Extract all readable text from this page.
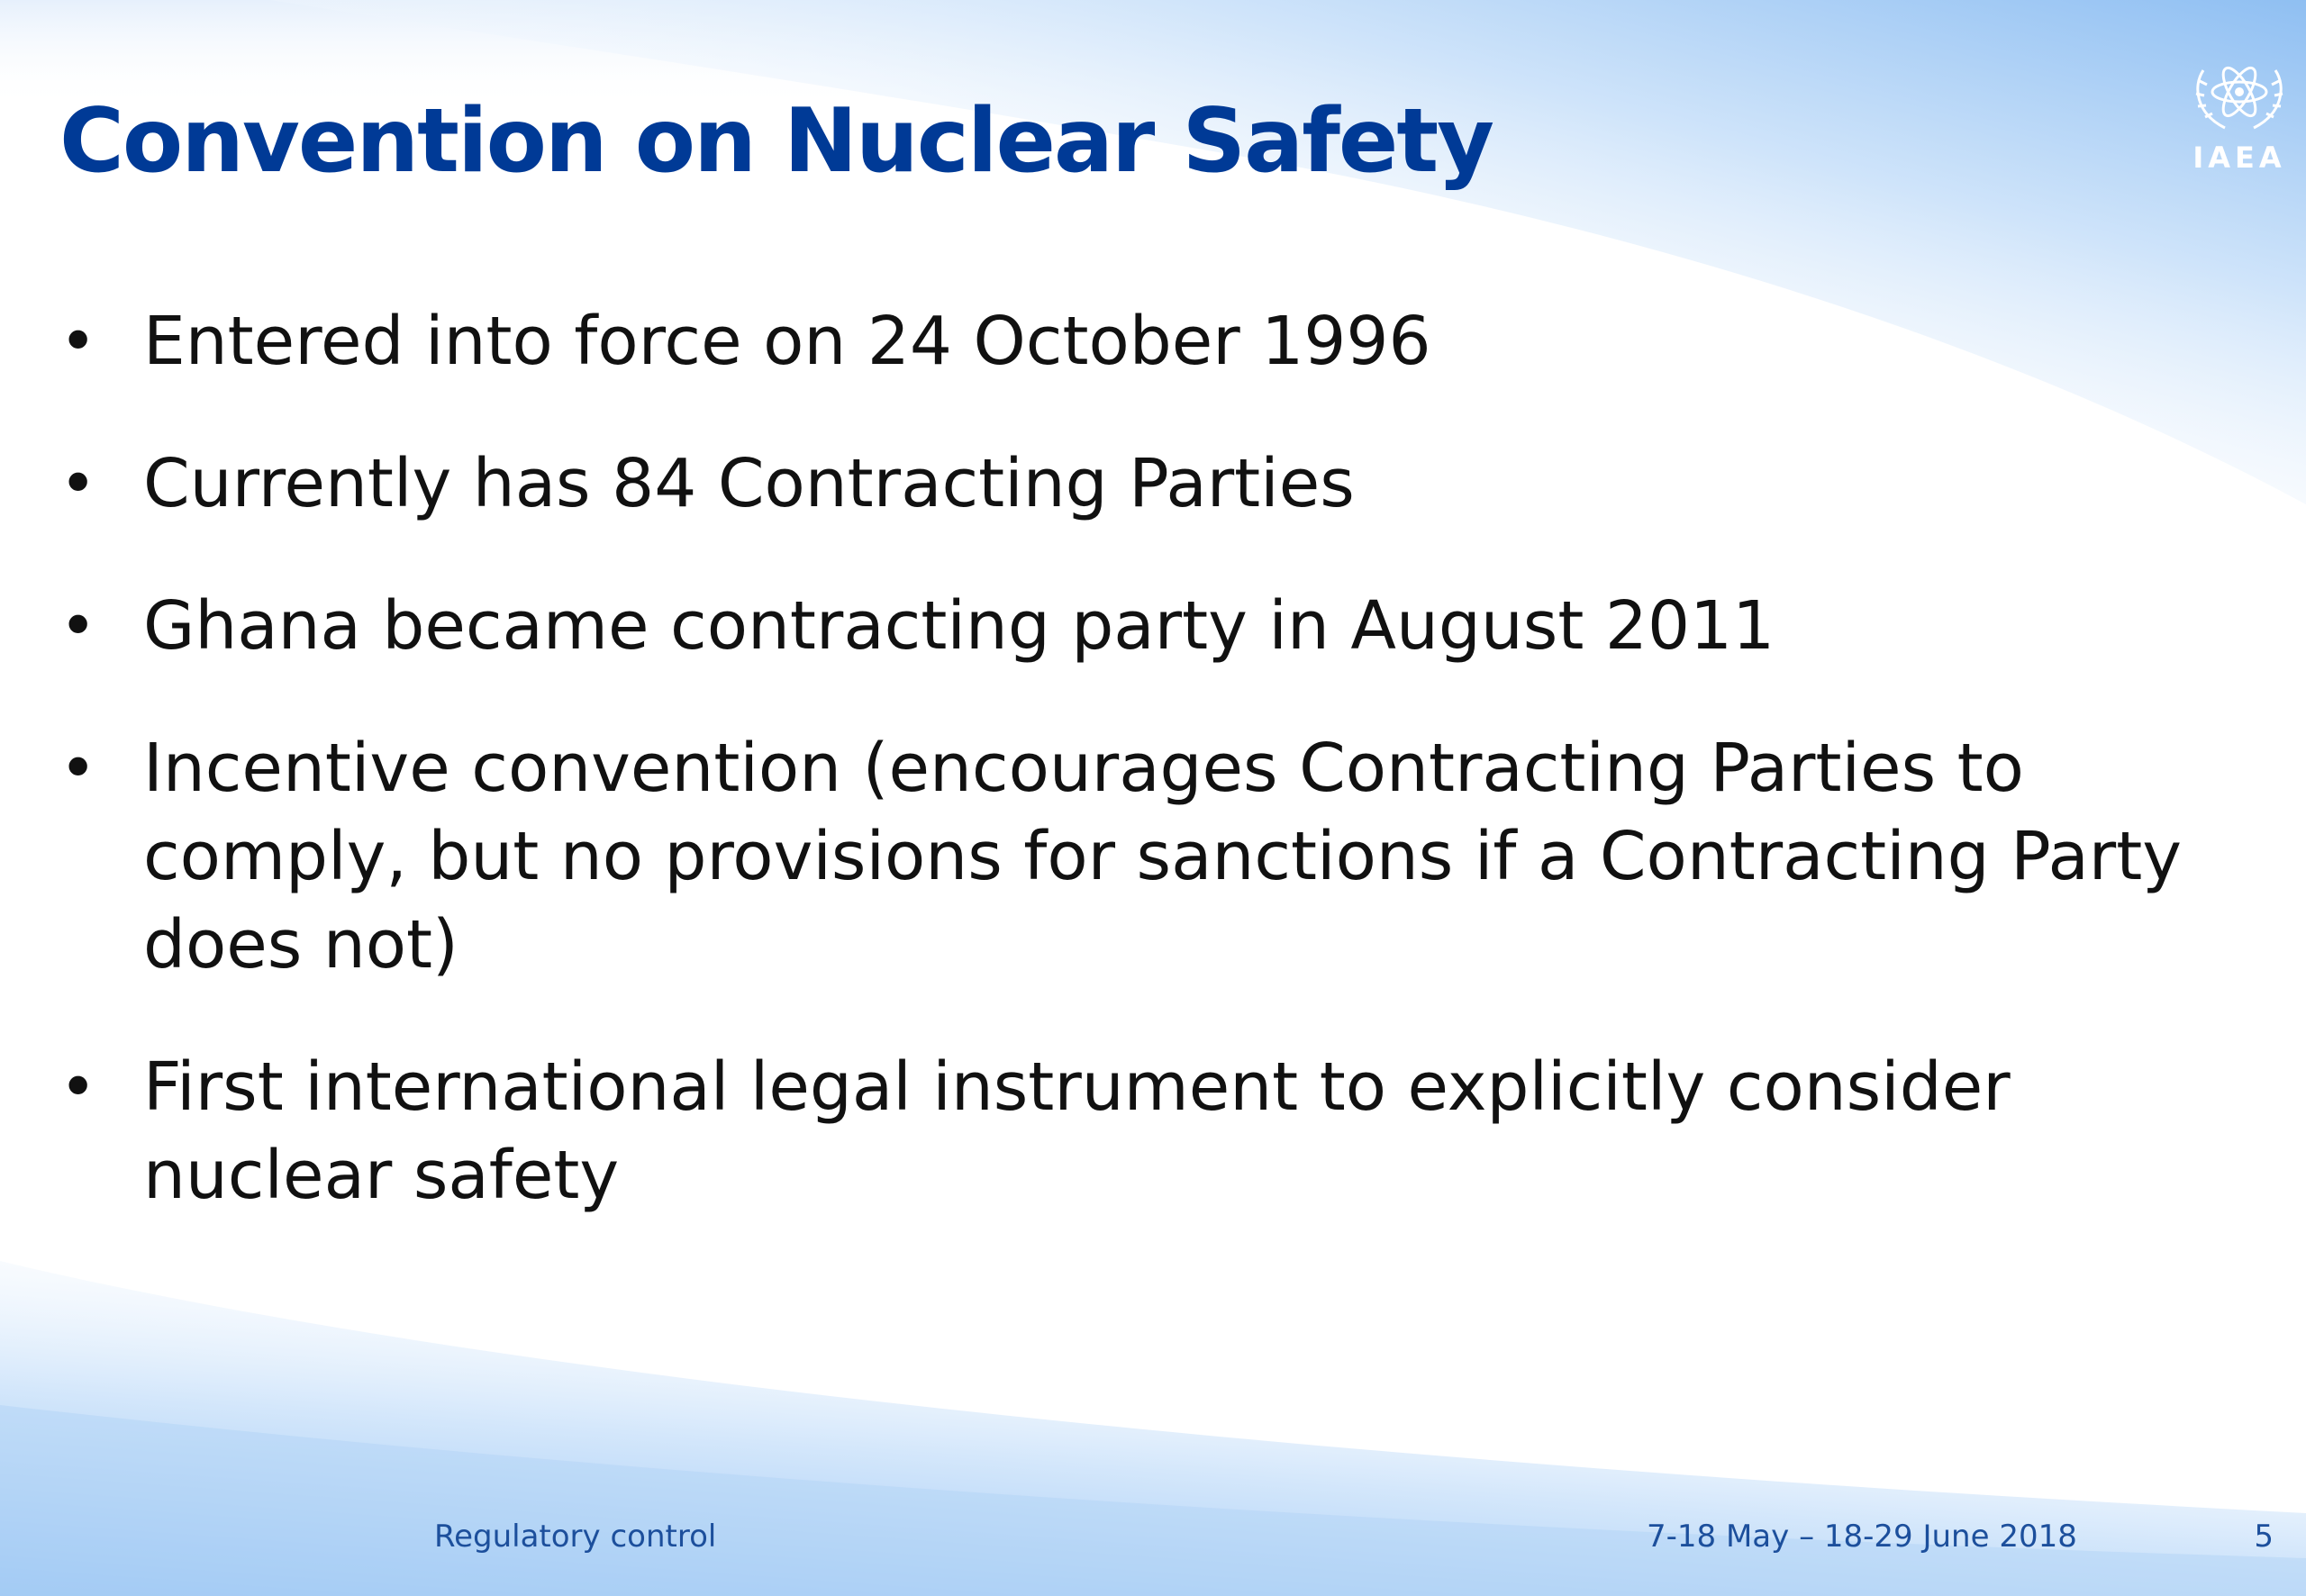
Convention on Nuclear Safety	IAEA
• Entered into force on 24 October 1996
• Currently has 84 Contracting Parties
• Ghana became contracting party in August 2011
• Incentive convention (encourages Contracting Parties to comply, but no provisions for sanctions if a Contracting Party does not)
• First international legal instrument to explicitly consider nuclear safety
Regulatory control	7-18 May – 18-29 June 2018	5
